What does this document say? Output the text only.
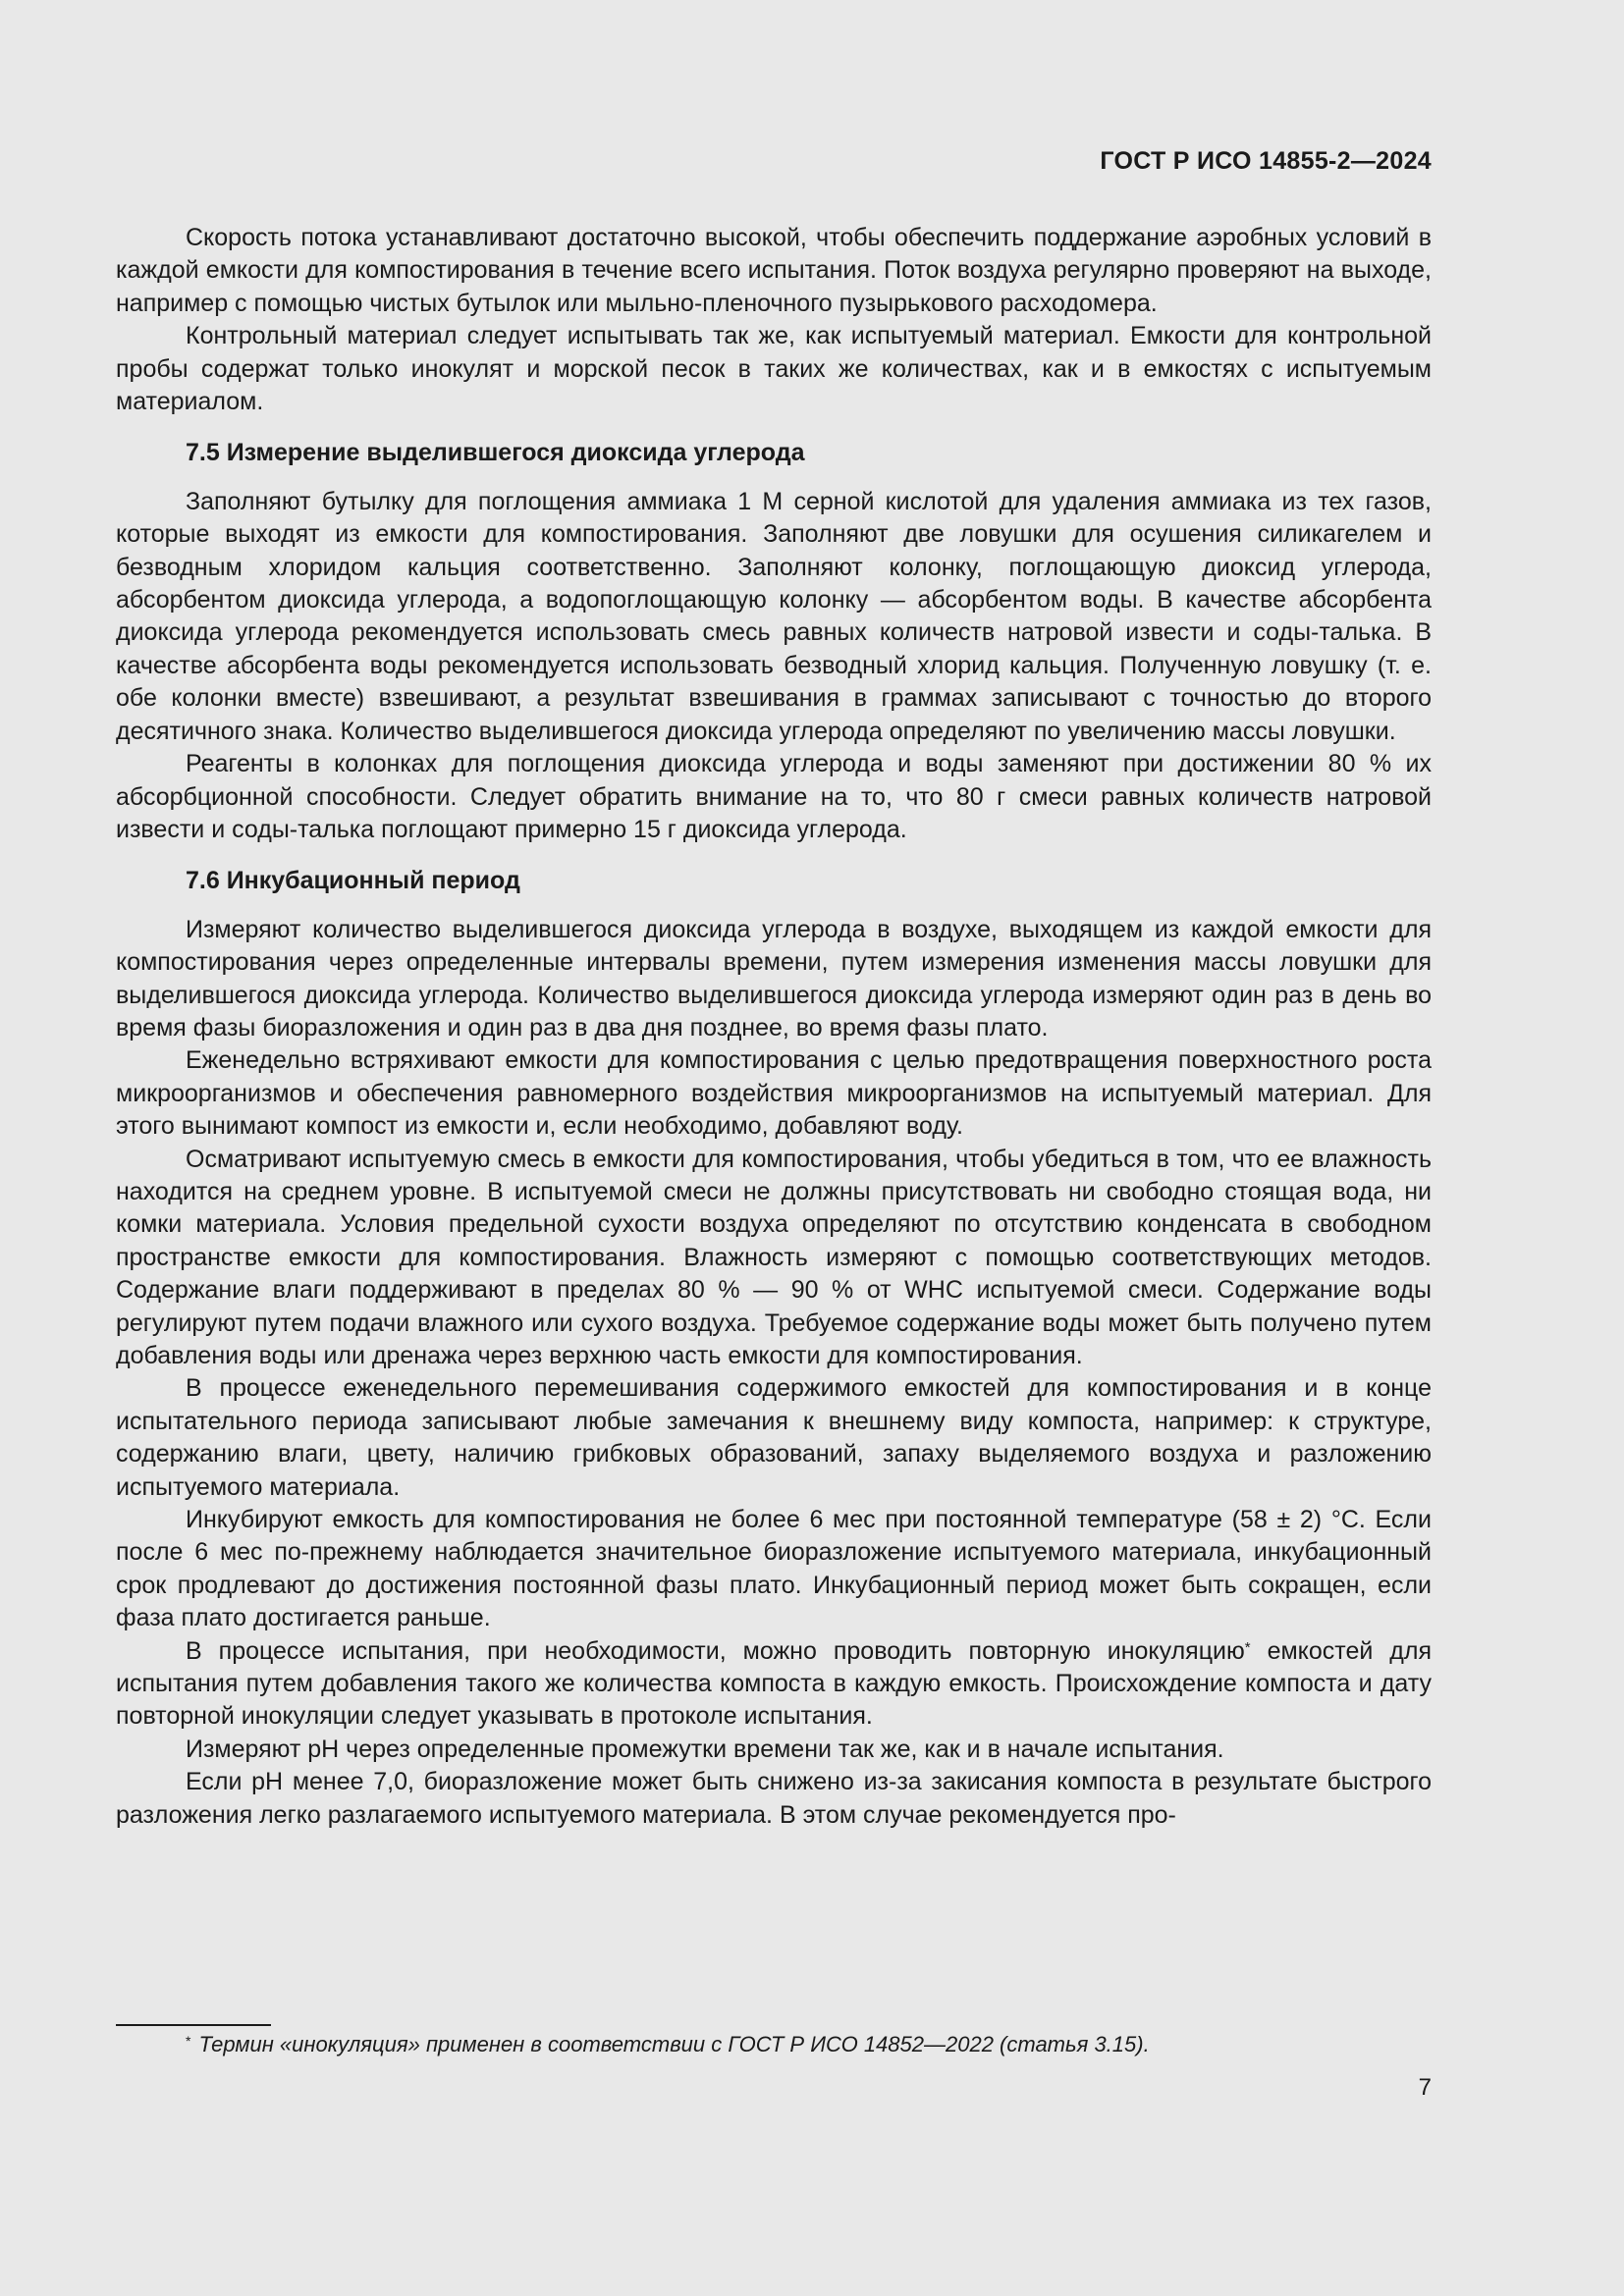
ГОСТ Р ИСО 14855-2—2024

Скорость потока устанавливают достаточно высокой, чтобы обеспечить поддержание аэробных условий в каждой емкости для компостирования в течение всего испытания. Поток воздуха регулярно проверяют на выходе, например с помощью чистых бутылок или мыльно-пленочного пузырькового расходомера.

Контрольный материал следует испытывать так же, как испытуемый материал. Емкости для контрольной пробы содержат только инокулят и морской песок в таких же количествах, как и в емкостях с испытуемым материалом.

7.5 Измерение выделившегося диоксида углерода

Заполняют бутылку для поглощения аммиака 1 М серной кислотой для удаления аммиака из тех газов, которые выходят из емкости для компостирования. Заполняют две ловушки для осушения силикагелем и безводным хлоридом кальция соответственно. Заполняют колонку, поглощающую диоксид углерода, абсорбентом диоксида углерода, а водопоглощающую колонку — абсорбентом воды. В качестве абсорбента диоксида углерода рекомендуется использовать смесь равных количеств натровой извести и соды-талька. В качестве абсорбента воды рекомендуется использовать безводный хлорид кальция. Полученную ловушку (т. е. обе колонки вместе) взвешивают, а результат взвешивания в граммах записывают с точностью до второго десятичного знака. Количество выделившегося диоксида углерода определяют по увеличению массы ловушки.

Реагенты в колонках для поглощения диоксида углерода и воды заменяют при достижении 80 % их абсорбционной способности. Следует обратить внимание на то, что 80 г смеси равных количеств натровой извести и соды-талька поглощают примерно 15 г диоксида углерода.

7.6 Инкубационный период

Измеряют количество выделившегося диоксида углерода в воздухе, выходящем из каждой емкости для компостирования через определенные интервалы времени, путем измерения изменения массы ловушки для выделившегося диоксида углерода. Количество выделившегося диоксида углерода измеряют один раз в день во время фазы биоразложения и один раз в два дня позднее, во время фазы плато.

Еженедельно встряхивают емкости для компостирования с целью предотвращения поверхностного роста микроорганизмов и обеспечения равномерного воздействия микроорганизмов на испытуемый материал. Для этого вынимают компост из емкости и, если необходимо, добавляют воду.

Осматривают испытуемую смесь в емкости для компостирования, чтобы убедиться в том, что ее влажность находится на среднем уровне. В испытуемой смеси не должны присутствовать ни свободно стоящая вода, ни комки материала. Условия предельной сухости воздуха определяют по отсутствию конденсата в свободном пространстве емкости для компостирования. Влажность измеряют с помощью соответствующих методов. Содержание влаги поддерживают в пределах 80 % — 90 % от WHC испытуемой смеси. Содержание воды регулируют путем подачи влажного или сухого воздуха. Требуемое содержание воды может быть получено путем добавления воды или дренажа через верхнюю часть емкости для компостирования.

В процессе еженедельного перемешивания содержимого емкостей для компостирования и в конце испытательного периода записывают любые замечания к внешнему виду компоста, например: к структуре, содержанию влаги, цвету, наличию грибковых образований, запаху выделяемого воздуха и разложению испытуемого материала.

Инкубируют емкость для компостирования не более 6 мес при постоянной температуре (58 ± 2) °С. Если после 6 мес по-прежнему наблюдается значительное биоразложение испытуемого материала, инкубационный срок продлевают до достижения постоянной фазы плато. Инкубационный период может быть сокращен, если фаза плато достигается раньше.

В процессе испытания, при необходимости, можно проводить повторную инокуляцию* емкостей для испытания путем добавления такого же количества компоста в каждую емкость. Происхождение компоста и дату повторной инокуляции следует указывать в протоколе испытания.

Измеряют pH через определенные промежутки времени так же, как и в начале испытания.

Если pH менее 7,0, биоразложение может быть снижено из-за закисания компоста в результате быстрого разложения легко разлагаемого испытуемого материала. В этом случае рекомендуется про-

* Термин «инокуляция» применен в соответствии с ГОСТ Р ИСО 14852—2022 (статья 3.15).
7
